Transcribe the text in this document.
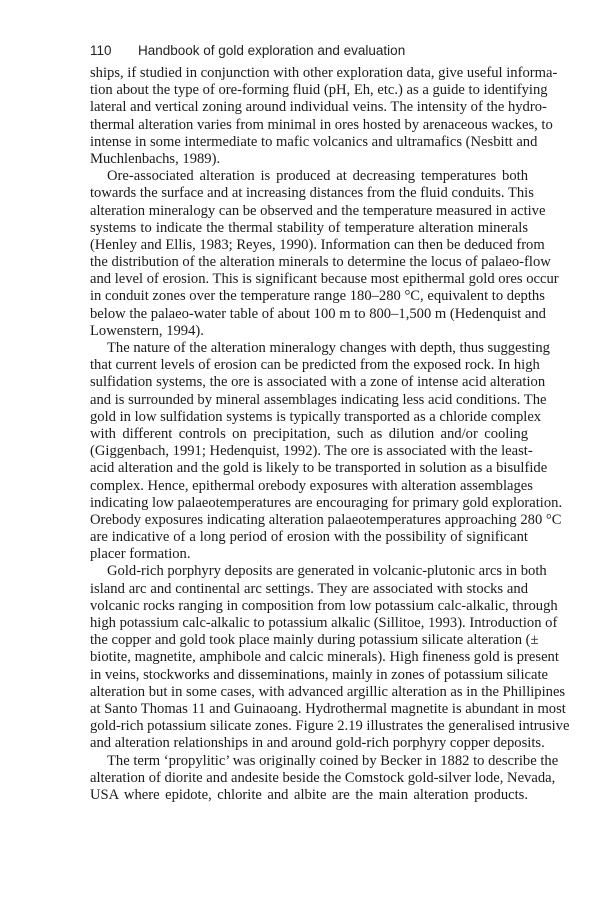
110 Handbook of gold exploration and evaluation
ships, if studied in conjunction with other exploration data, give useful informa-
tion about the type of ore-forming fluid (pH, Eh, etc.) as a guide to identifying
lateral and vertical zoning around individual veins. The intensity of the hydro-
thermal alteration varies from minimal in ores hosted by arenaceous wackes, to
intense in some intermediate to mafic volcanics and ultramafics (Nesbitt and
Muchlenbachs, 1989).
Ore-associated alteration is produced at decreasing temperatures both
towards the surface and at increasing distances from the fluid conduits. This
alteration mineralogy can be observed and the temperature measured in active
systems to indicate the thermal stability of temperature alteration minerals
(Henley and Ellis, 1983; Reyes, 1990). Information can then be deduced from
the distribution of the alteration minerals to determine the locus of palaeo-flow
and level of erosion. This is significant because most epithermal gold ores occur
in conduit zones over the temperature range 180–280 °C, equivalent to depths
below the palaeo-water table of about 100 m to 800–1,500 m (Hedenquist and
Lowenstern, 1994).
The nature of the alteration mineralogy changes with depth, thus suggesting
that current levels of erosion can be predicted from the exposed rock. In high
sulfidation systems, the ore is associated with a zone of intense acid alteration
and is surrounded by mineral assemblages indicating less acid conditions. The
gold in low sulfidation systems is typically transported as a chloride complex
with different controls on precipitation, such as dilution and/or cooling
(Giggenbach, 1991; Hedenquist, 1992). The ore is associated with the least-
acid alteration and the gold is likely to be transported in solution as a bisulfide
complex. Hence, epithermal orebody exposures with alteration assemblages
indicating low palaeotemperatures are encouraging for primary gold exploration.
Orebody exposures indicating alteration palaeotemperatures approaching 280 °C
are indicative of a long period of erosion with the possibility of significant
placer formation.
Gold-rich porphyry deposits are generated in volcanic-plutonic arcs in both
island arc and continental arc settings. They are associated with stocks and
volcanic rocks ranging in composition from low potassium calc-alkalic, through
high potassium calc-alkalic to potassium alkalic (Sillitoe, 1993). Introduction of
the copper and gold took place mainly during potassium silicate alteration (±
biotite, magnetite, amphibole and calcic minerals). High fineness gold is present
in veins, stockworks and disseminations, mainly in zones of potassium silicate
alteration but in some cases, with advanced argillic alteration as in the Phillipines
at Santo Thomas 11 and Guinaoang. Hydrothermal magnetite is abundant in most
gold-rich potassium silicate zones. Figure 2.19 illustrates the generalised intrusive
and alteration relationships in and around gold-rich porphyry copper deposits.
The term ‘propylitic’ was originally coined by Becker in 1882 to describe the
alteration of diorite and andesite beside the Comstock gold-silver lode, Nevada,
USA where epidote, chlorite and albite are the main alteration products.
